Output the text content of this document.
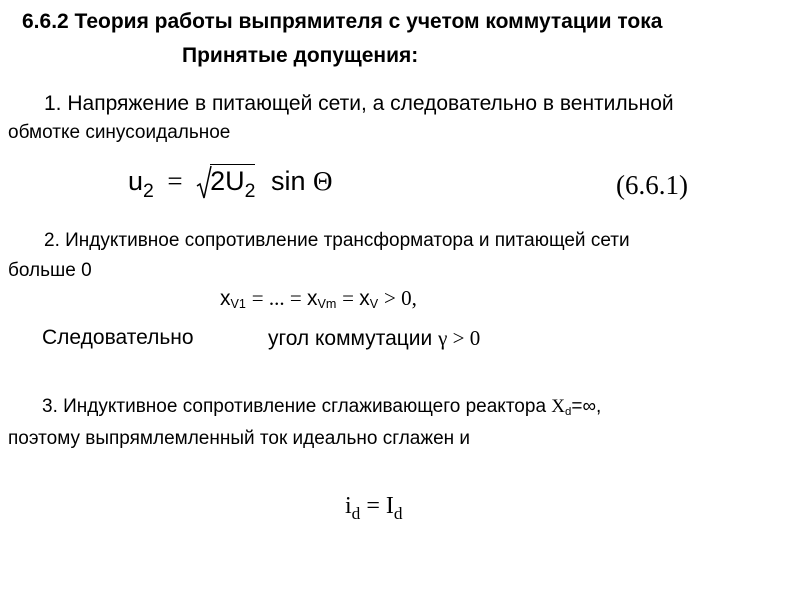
6.6.2 Теория работы выпрямителя с учетом коммутации тока
Принятые допущения:
1. Напряжение в питающей сети, а следовательно в вентильной
обмотке синусоидальное
$u_2 = 2U_2$ sin Θ	(6.6.1)
2. Индуктивное сопротивление трансформатора и питающей сети
больше 0
$x_{V1}$ = ... = $x_{Vm} = x_V > 0$,
Следовательно	угол коммутации γ > 0
3. Индуктивное сопротивление сглаживающего реактора $X_d=\infty$,
поэтому выпрямлемленный ток идеально сглажен и
$i_d = I_d$
